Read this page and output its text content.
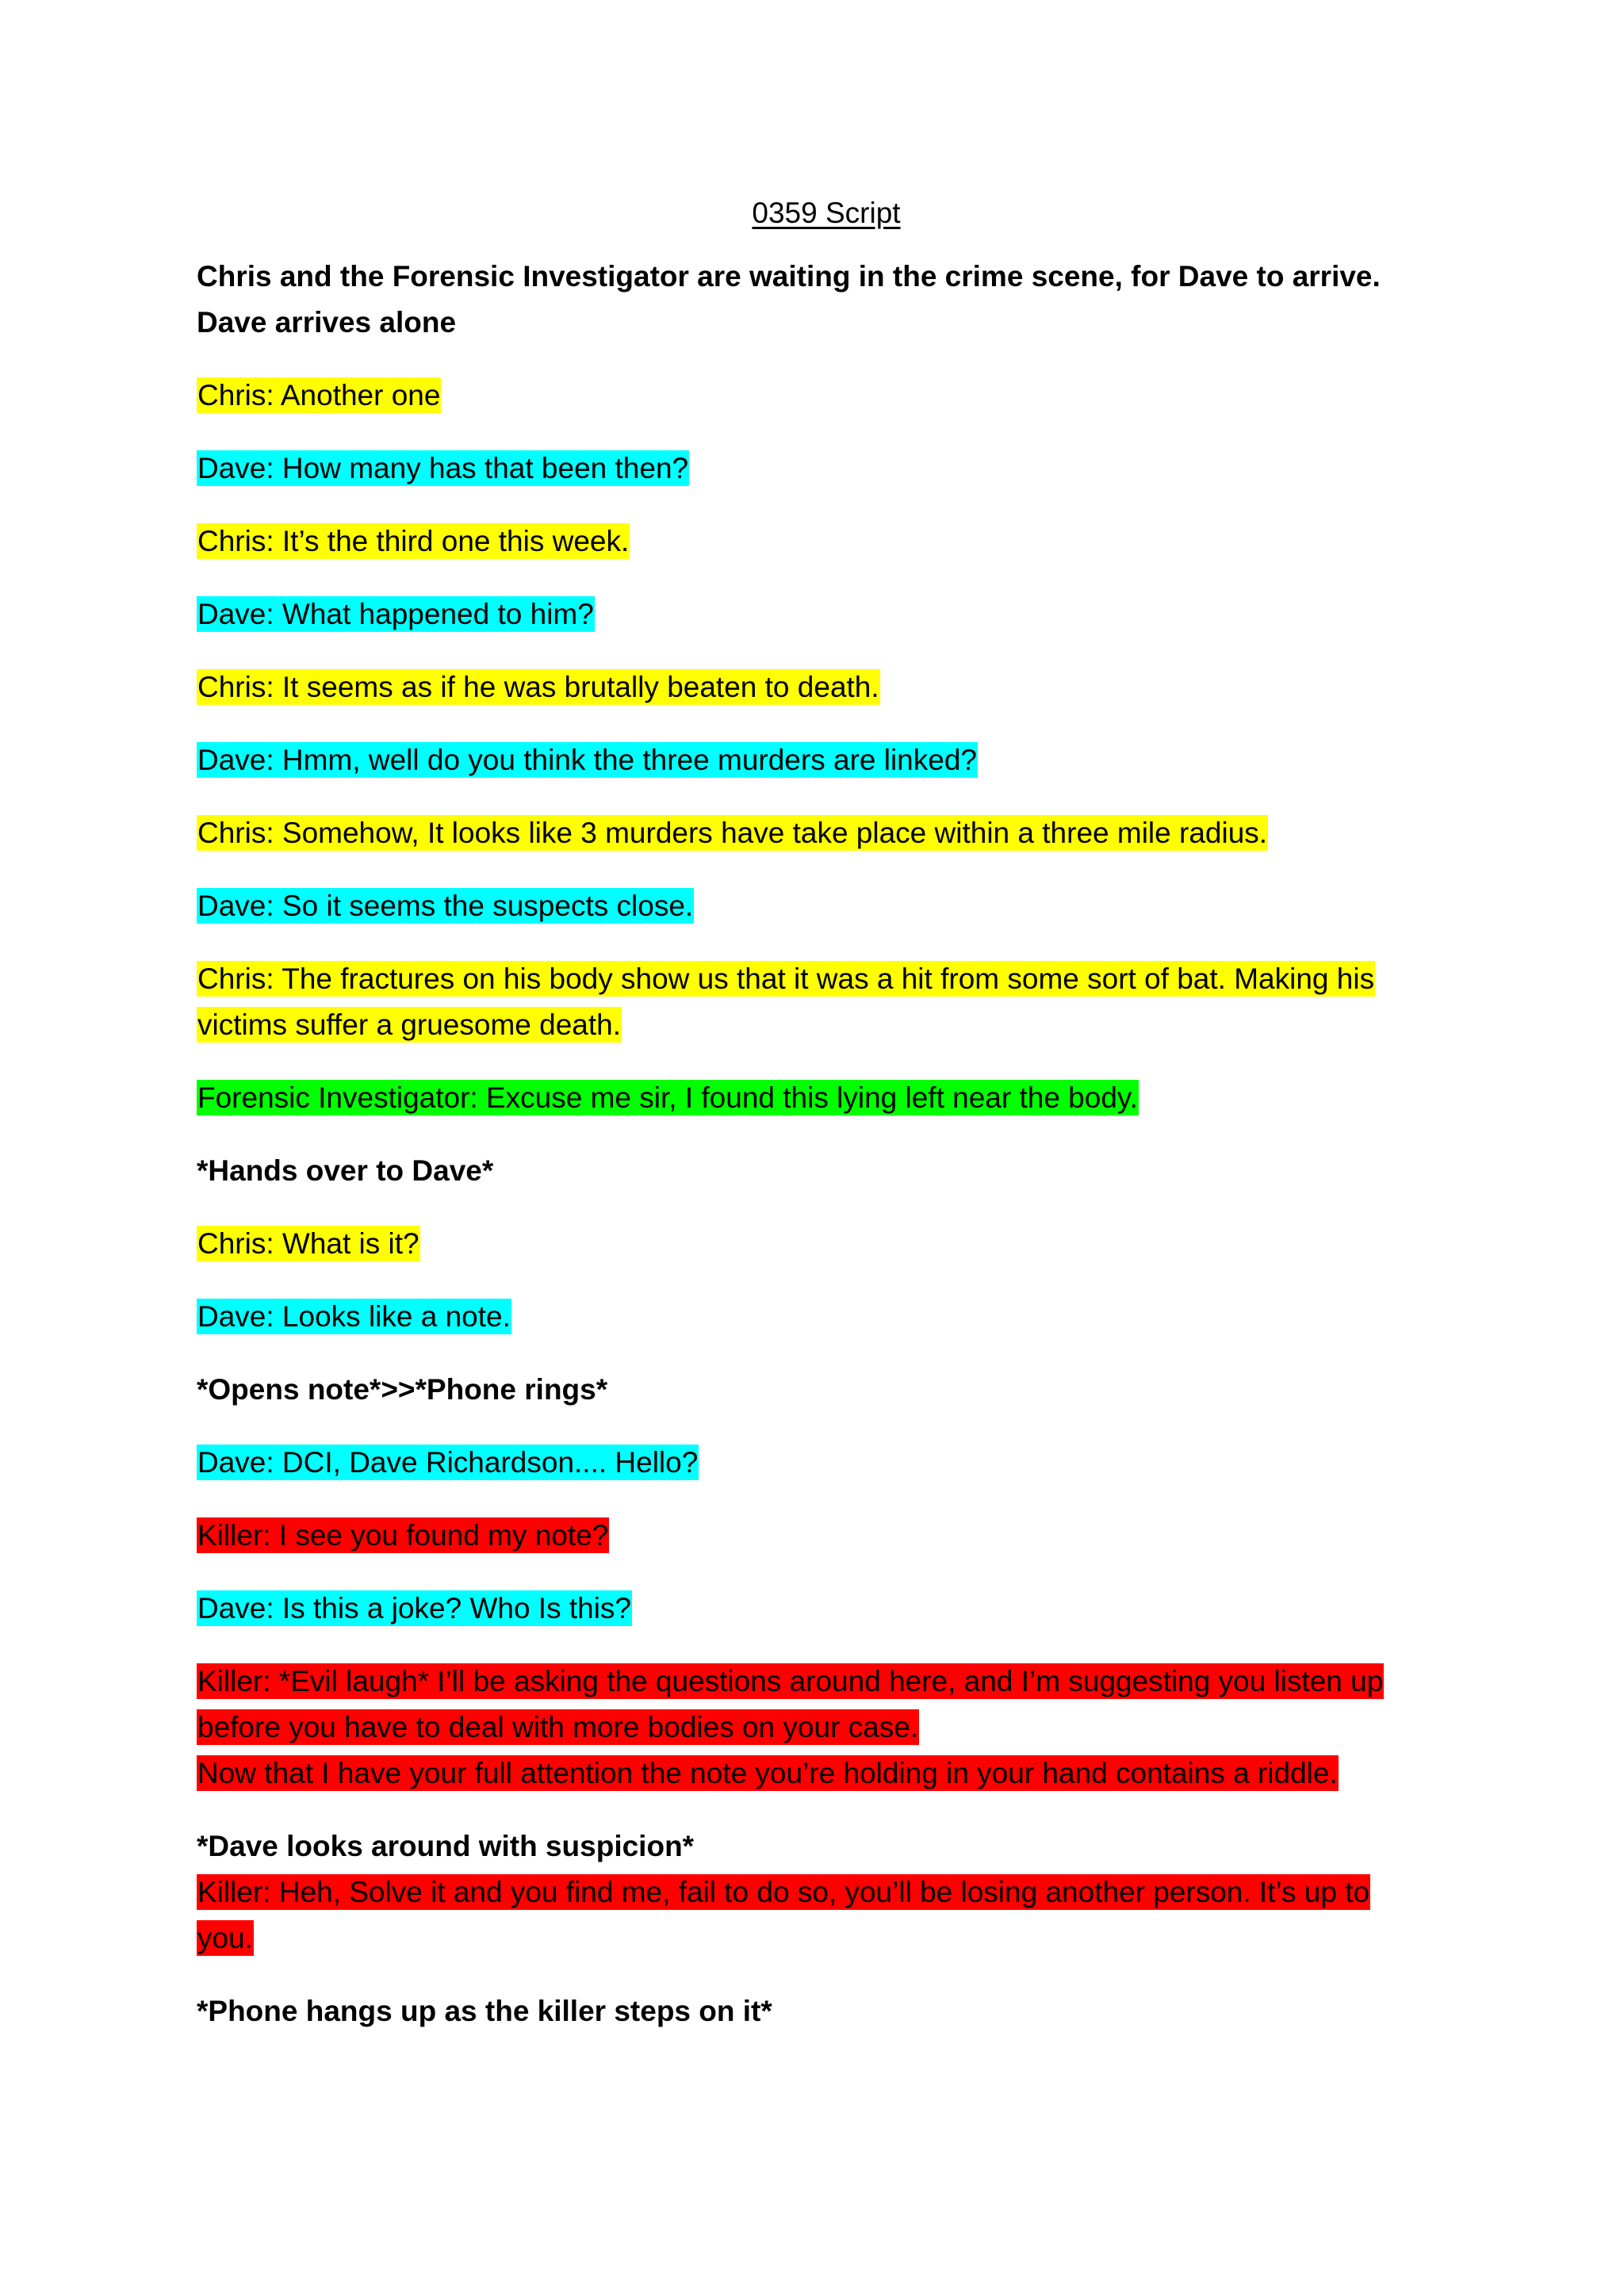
0359 Script
Chris and the Forensic Investigator are waiting in the crime scene, for Dave to arrive. Dave arrives alone
Chris: Another one
Dave: How many has that been then?
Chris: It’s the third one this week.
Dave: What happened to him?
Chris: It seems as if he was brutally beaten to death.
Dave: Hmm, well do you think the three murders are linked?
Chris: Somehow, It looks like 3 murders have take place within a three mile radius.
Dave: So it seems the suspects close.
Chris: The fractures on his body show us that it was a hit from some sort of bat. Making his victims suffer a gruesome death.
Forensic Investigator: Excuse me sir, I found this lying left near the body.
*Hands over to Dave*
Chris: What is it?
Dave: Looks like a note.
*Opens note*>>*Phone rings*
Dave: DCI, Dave Richardson.... Hello?
Killer: I see you found my note?
Dave: Is this a joke? Who Is this?
Killer: *Evil laugh* I’ll be asking the questions around here, and I’m suggesting you listen up before you have to deal with more bodies on your case.
Now that I have your full attention the note you’re holding in your hand contains a riddle.
*Dave looks around with suspicion*
Killer: Heh, Solve it and you find me, fail to do so, you’ll be losing another person. It’s up to you.
*Phone hangs up as the killer steps on it*
